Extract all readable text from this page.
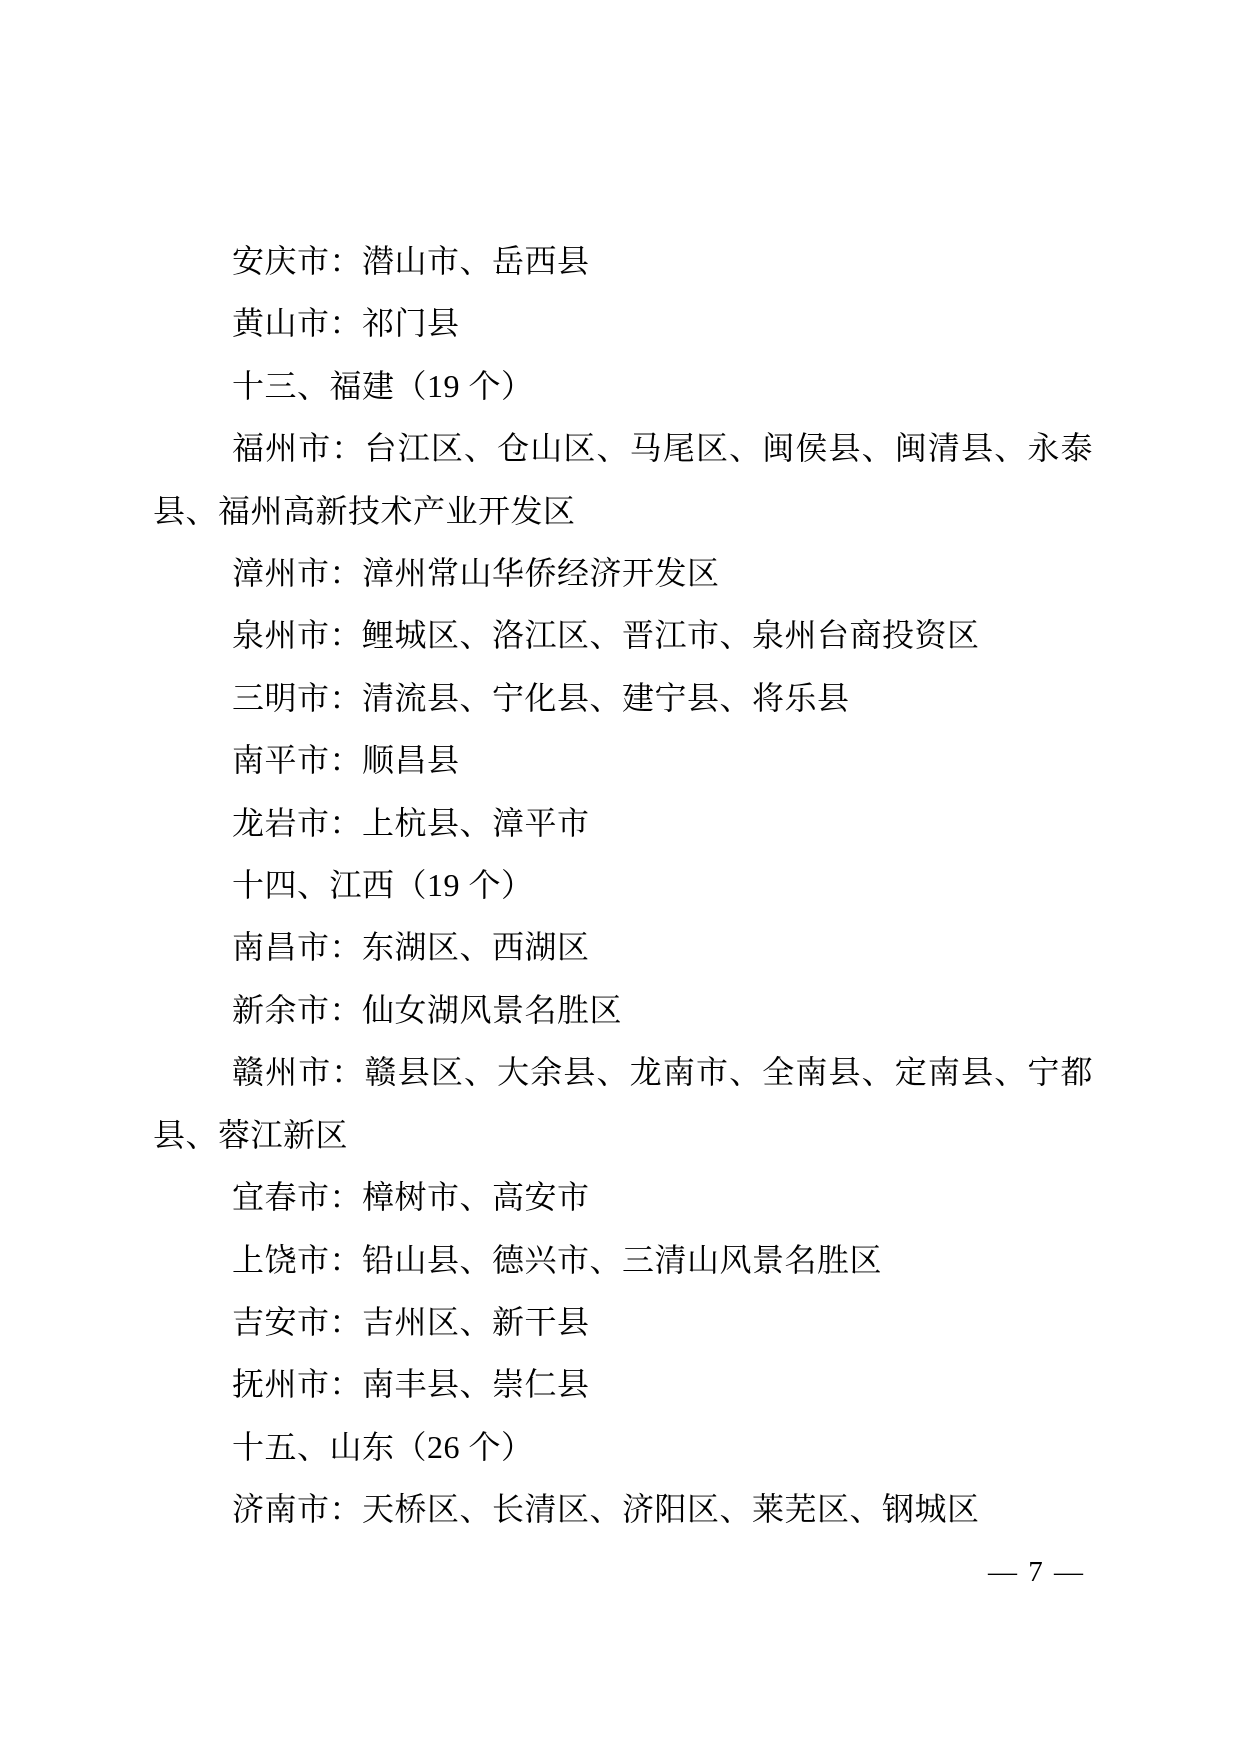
安庆市：潜山市、岳西县
黄山市：祁门县
十三、福建（19 个）
福州市：台江区、仓山区、马尾区、闽侯县、闽清县、永泰
县、福州高新技术产业开发区
漳州市：漳州常山华侨经济开发区
泉州市：鲤城区、洛江区、晋江市、泉州台商投资区
三明市：清流县、宁化县、建宁县、将乐县
南平市：顺昌县
龙岩市：上杭县、漳平市
十四、江西（19 个）
南昌市：东湖区、西湖区
新余市：仙女湖风景名胜区
赣州市：赣县区、大余县、龙南市、全南县、定南县、宁都
县、蓉江新区
宜春市：樟树市、高安市
上饶市：铅山县、德兴市、三清山风景名胜区
吉安市：吉州区、新干县
抚州市：南丰县、崇仁县
十五、山东（26 个）
济南市：天桥区、长清区、济阳区、莱芜区、钢城区
— 7 —
